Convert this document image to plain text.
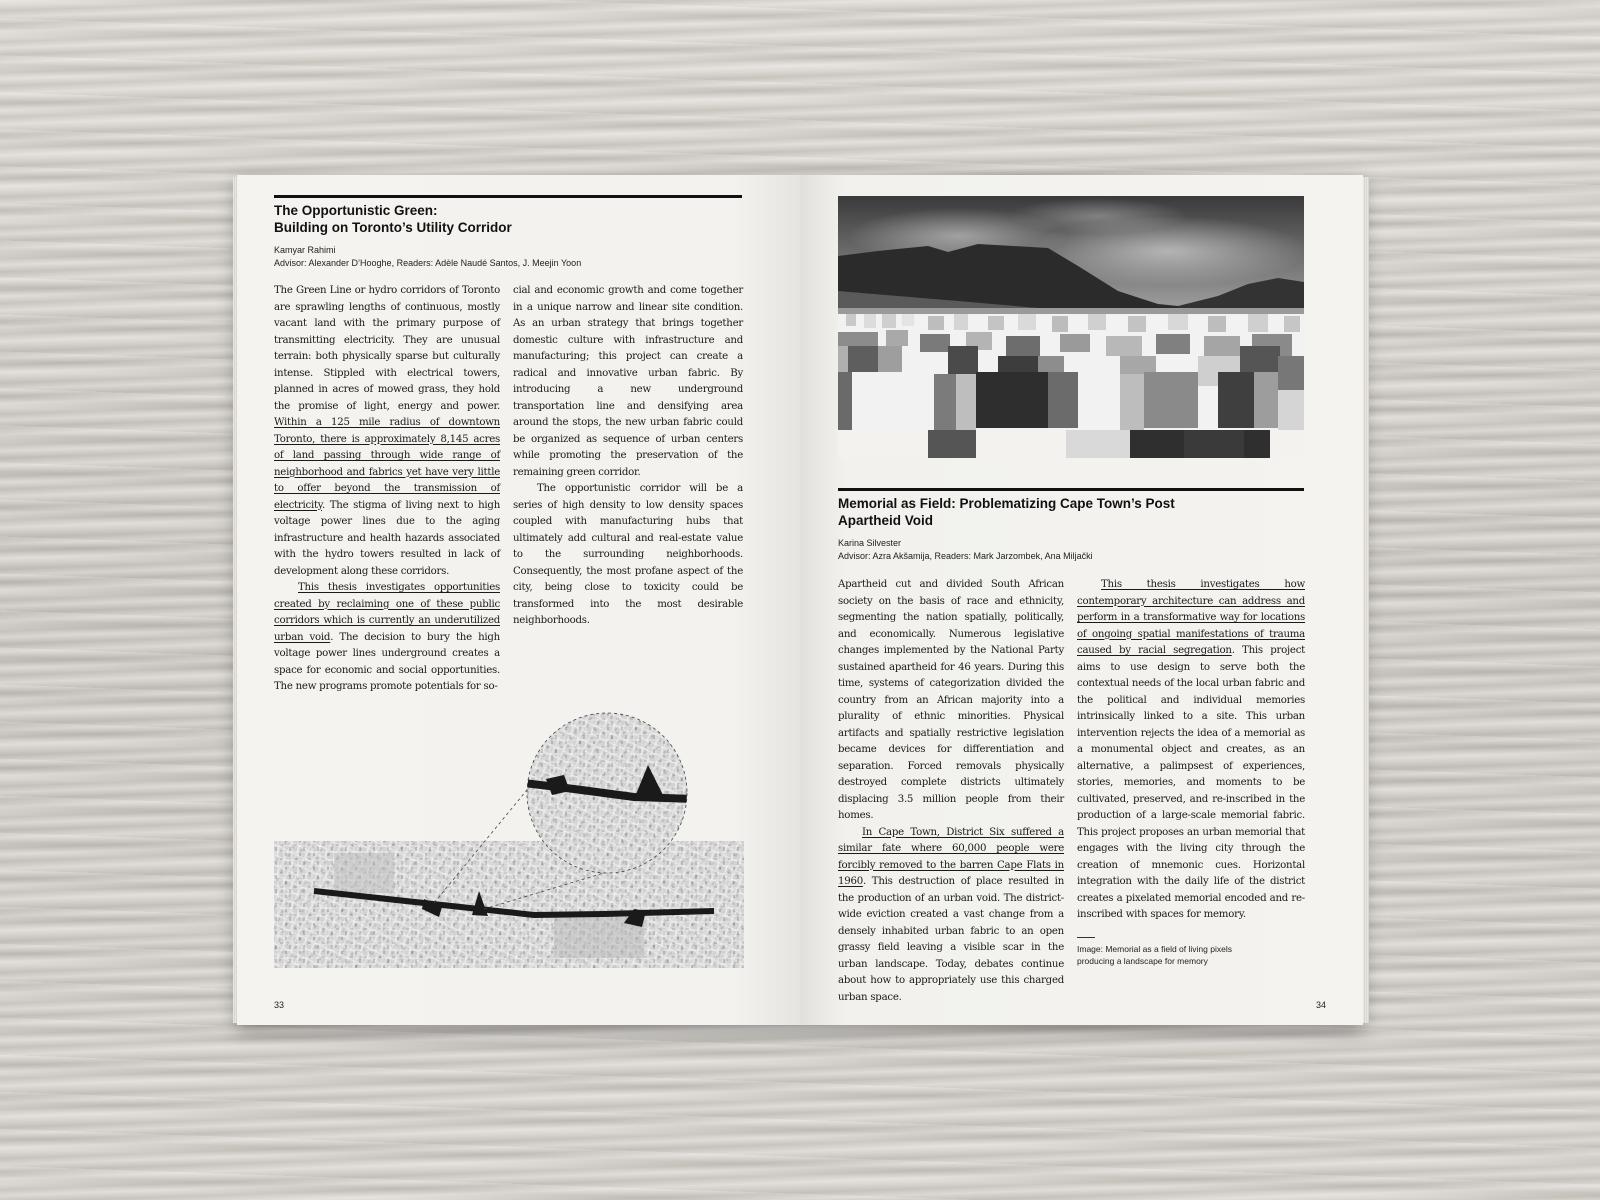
The Opportunistic Green:
Building on Toronto’s Utility Corridor
Kamyar Rahimi
Advisor: Alexander D’Hooghe, Readers: Adèle Naudé Santos, J. Meejin Yoon

The Green Line or hydro corridors of Toronto are sprawling lengths of continuous, mostly vacant land with the primary purpose of transmitting electricity. They are unusual terrain: both physically sparse but culturally intense. Stippled with electrical towers, planned in acres of mowed grass, they hold the promise of light, energy and power. Within a 125 mile radius of downtown Toronto, there is approximately 8,145 acres of land passing through wide range of neighborhood and fabrics yet have very little to offer beyond the transmission of electricity. The stigma of living next to high voltage power lines due to the aging infrastructure and health hazards associated with the hydro towers resulted in lack of development along these corridors.

This thesis investigates opportunities created by reclaiming one of these public corridors which is currently an underutilized urban void. The decision to bury the high voltage power lines underground creates a space for economic and social opportunities. The new programs promote potentials for so-

cial and economic growth and come together in a unique narrow and linear site condition. As an urban strategy that brings together domestic culture with infrastructure and manufacturing; this project can create a radical and innovative urban fabric. By introducing a new underground transportation line and densifying area around the stops, the new urban fabric could be organized as sequence of urban centers while promoting the preservation of the remaining green corridor.

The opportunistic corridor will be a series of high density to low density spaces coupled with manufacturing hubs that ultimately add cultural and real-estate value to the surrounding neighborhoods. Consequently, the most profane aspect of the city, being close to toxicity could be transformed into the most desirable neighborhoods.

33
Memorial as Field: Problematizing Cape Town’s Post
Apartheid Void
Karina Silvester
Advisor: Azra Akšamija, Readers: Mark Jarzombek, Ana Miljački

Apartheid cut and divided South African society on the basis of race and ethnicity, segmenting the nation spatially, politically, and economically. Numerous legislative changes implemented by the National Party sustained apartheid for 46 years. During this time, systems of categorization divided the country from an African majority into a plurality of ethnic minorities. Physical artifacts and spatially restrictive legislation became devices for differentiation and separation. Forced removals physically destroyed complete districts ultimately displacing 3.5 million people from their homes.

In Cape Town, District Six suffered a similar fate where 60,000 people were forcibly removed to the barren Cape Flats in 1960. This destruction of place resulted in the production of an urban void. The district-wide eviction created a vast change from a densely inhabited urban fabric to an open grassy field leaving a visible scar in the urban landscape. Today, debates continue about how to appropriately use this charged urban space.

This thesis investigates how contemporary architecture can address and perform in a transformative way for locations of ongoing spatial manifestations of trauma caused by racial segregation. This project aims to use design to serve both the contextual needs of the local urban fabric and the political and individual memories intrinsically linked to a site. This urban intervention rejects the idea of a memorial as a monumental object and creates, as an alternative, a palimpsest of experiences, stories, memories, and moments to be cultivated, preserved, and re-inscribed in the production of a large-scale memorial fabric. This project proposes an urban memorial that engages with the living city through the creation of mnemonic cues. Horizontal integration with the daily life of the district creates a pixelated memorial encoded and re-inscribed with spaces for memory.

Image: Memorial as a field of living pixels
producing a landscape for memory
34
